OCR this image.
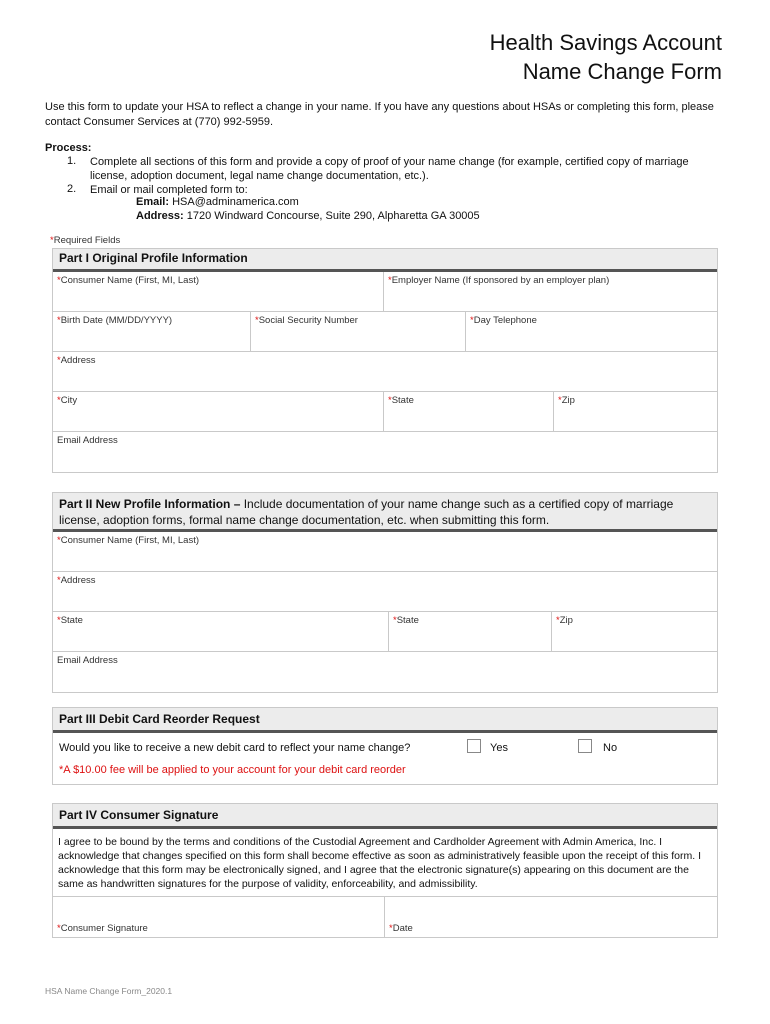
Health Savings Account
Name Change Form
Use this form to update your HSA to reflect a change in your name. If you have any questions about HSAs or completing this form, please contact Consumer Services at (770) 992-5959.
Process:
1. Complete all sections of this form and provide a copy of proof of your name change (for example, certified copy of marriage license, adoption document, legal name change documentation, etc.).
2. Email or mail completed form to:
Email: HSA@adminamerica.com
Address: 1720 Windward Concourse, Suite 290, Alpharetta GA 30005
*Required Fields
Part I Original Profile Information
*Consumer Name (First, MI, Last)	*Employer Name (If sponsored by an employer plan)
*Birth Date (MM/DD/YYYY)	*Social Security Number	*Day Telephone
*Address
*City	*State	*Zip
Email Address
Part II New Profile Information – Include documentation of your name change such as a certified copy of marriage license, adoption forms, formal name change documentation, etc. when submitting this form.
*Consumer Name (First, MI, Last)
*Address
*State	*State	*Zip
Email Address
Part III Debit Card Reorder Request
Would you like to receive a new debit card to reflect your name change?	Yes	No
*A $10.00 fee will be applied to your account for your debit card reorder
Part IV Consumer Signature
I agree to be bound by the terms and conditions of the Custodial Agreement and Cardholder Agreement with Admin America, Inc. I acknowledge that changes specified on this form shall become effective as soon as administratively feasible upon the receipt of this form. I acknowledge that this form may be electronically signed, and I agree that the electronic signature(s) appearing on this document are the same as handwritten signatures for the purpose of validity, enforceability, and admissibility.
*Consumer Signature	*Date
HSA Name Change Form_2020.1
